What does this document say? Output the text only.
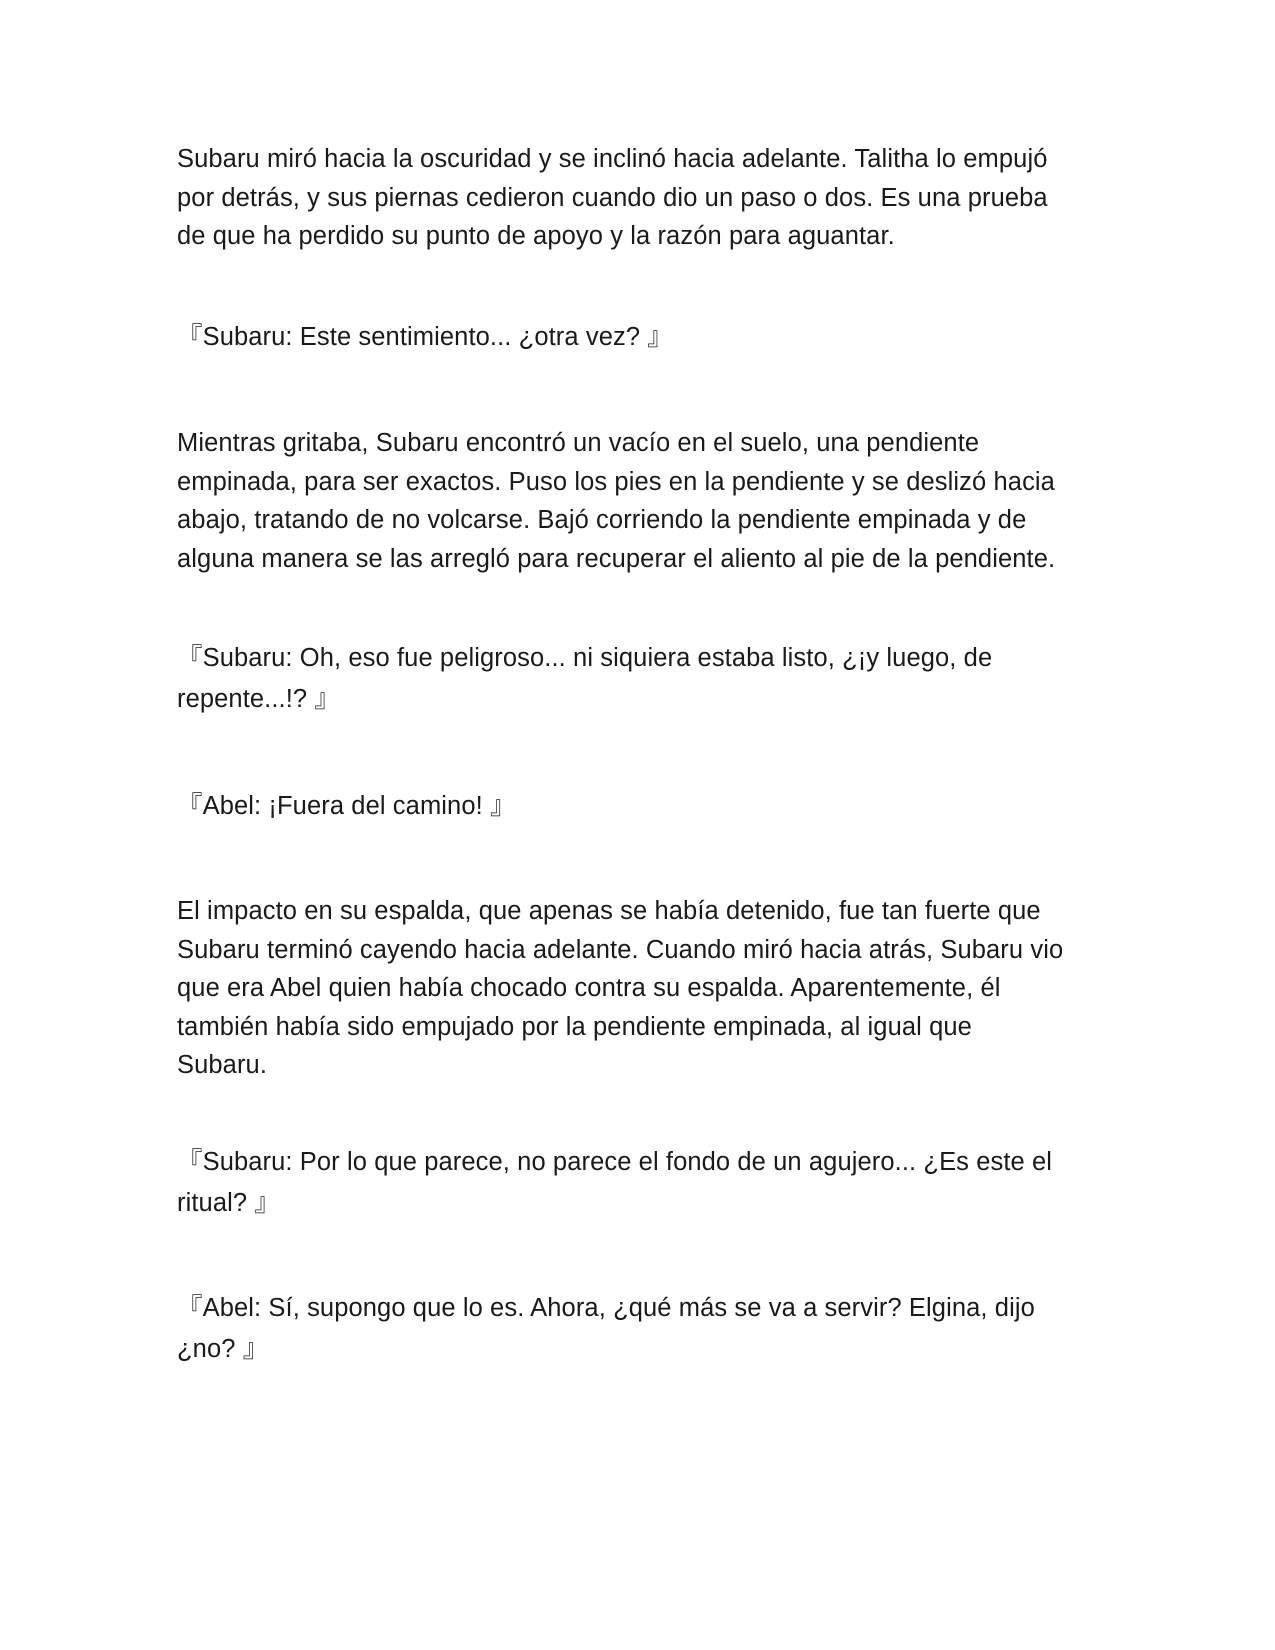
Subaru miró hacia la oscuridad y se inclinó hacia adelante. Talitha lo empujó
por detrás, y sus piernas cedieron cuando dio un paso o dos. Es una prueba
de que ha perdido su punto de apoyo y la razón para aguantar.

『Subaru: Este sentimiento... ¿otra vez? 』

Mientras gritaba, Subaru encontró un vacío en el suelo, una pendiente
empinada, para ser exactos. Puso los pies en la pendiente y se deslizó hacia
abajo, tratando de no volcarse. Bajó corriendo la pendiente empinada y de
alguna manera se las arregló para recuperar el aliento al pie de la pendiente.

『Subaru: Oh, eso fue peligroso... ni siquiera estaba listo, ¿¡y luego, de
repente...!? 』

『Abel: ¡Fuera del camino! 』

El impacto en su espalda, que apenas se había detenido, fue tan fuerte que
Subaru terminó cayendo hacia adelante. Cuando miró hacia atrás, Subaru vio
que era Abel quien había chocado contra su espalda. Aparentemente, él
también había sido empujado por la pendiente empinada, al igual que
Subaru.

『Subaru: Por lo que parece, no parece el fondo de un agujero... ¿Es este el
ritual? 』

『Abel: Sí, supongo que lo es. Ahora, ¿qué más se va a servir? Elgina, dijo
¿no? 』
